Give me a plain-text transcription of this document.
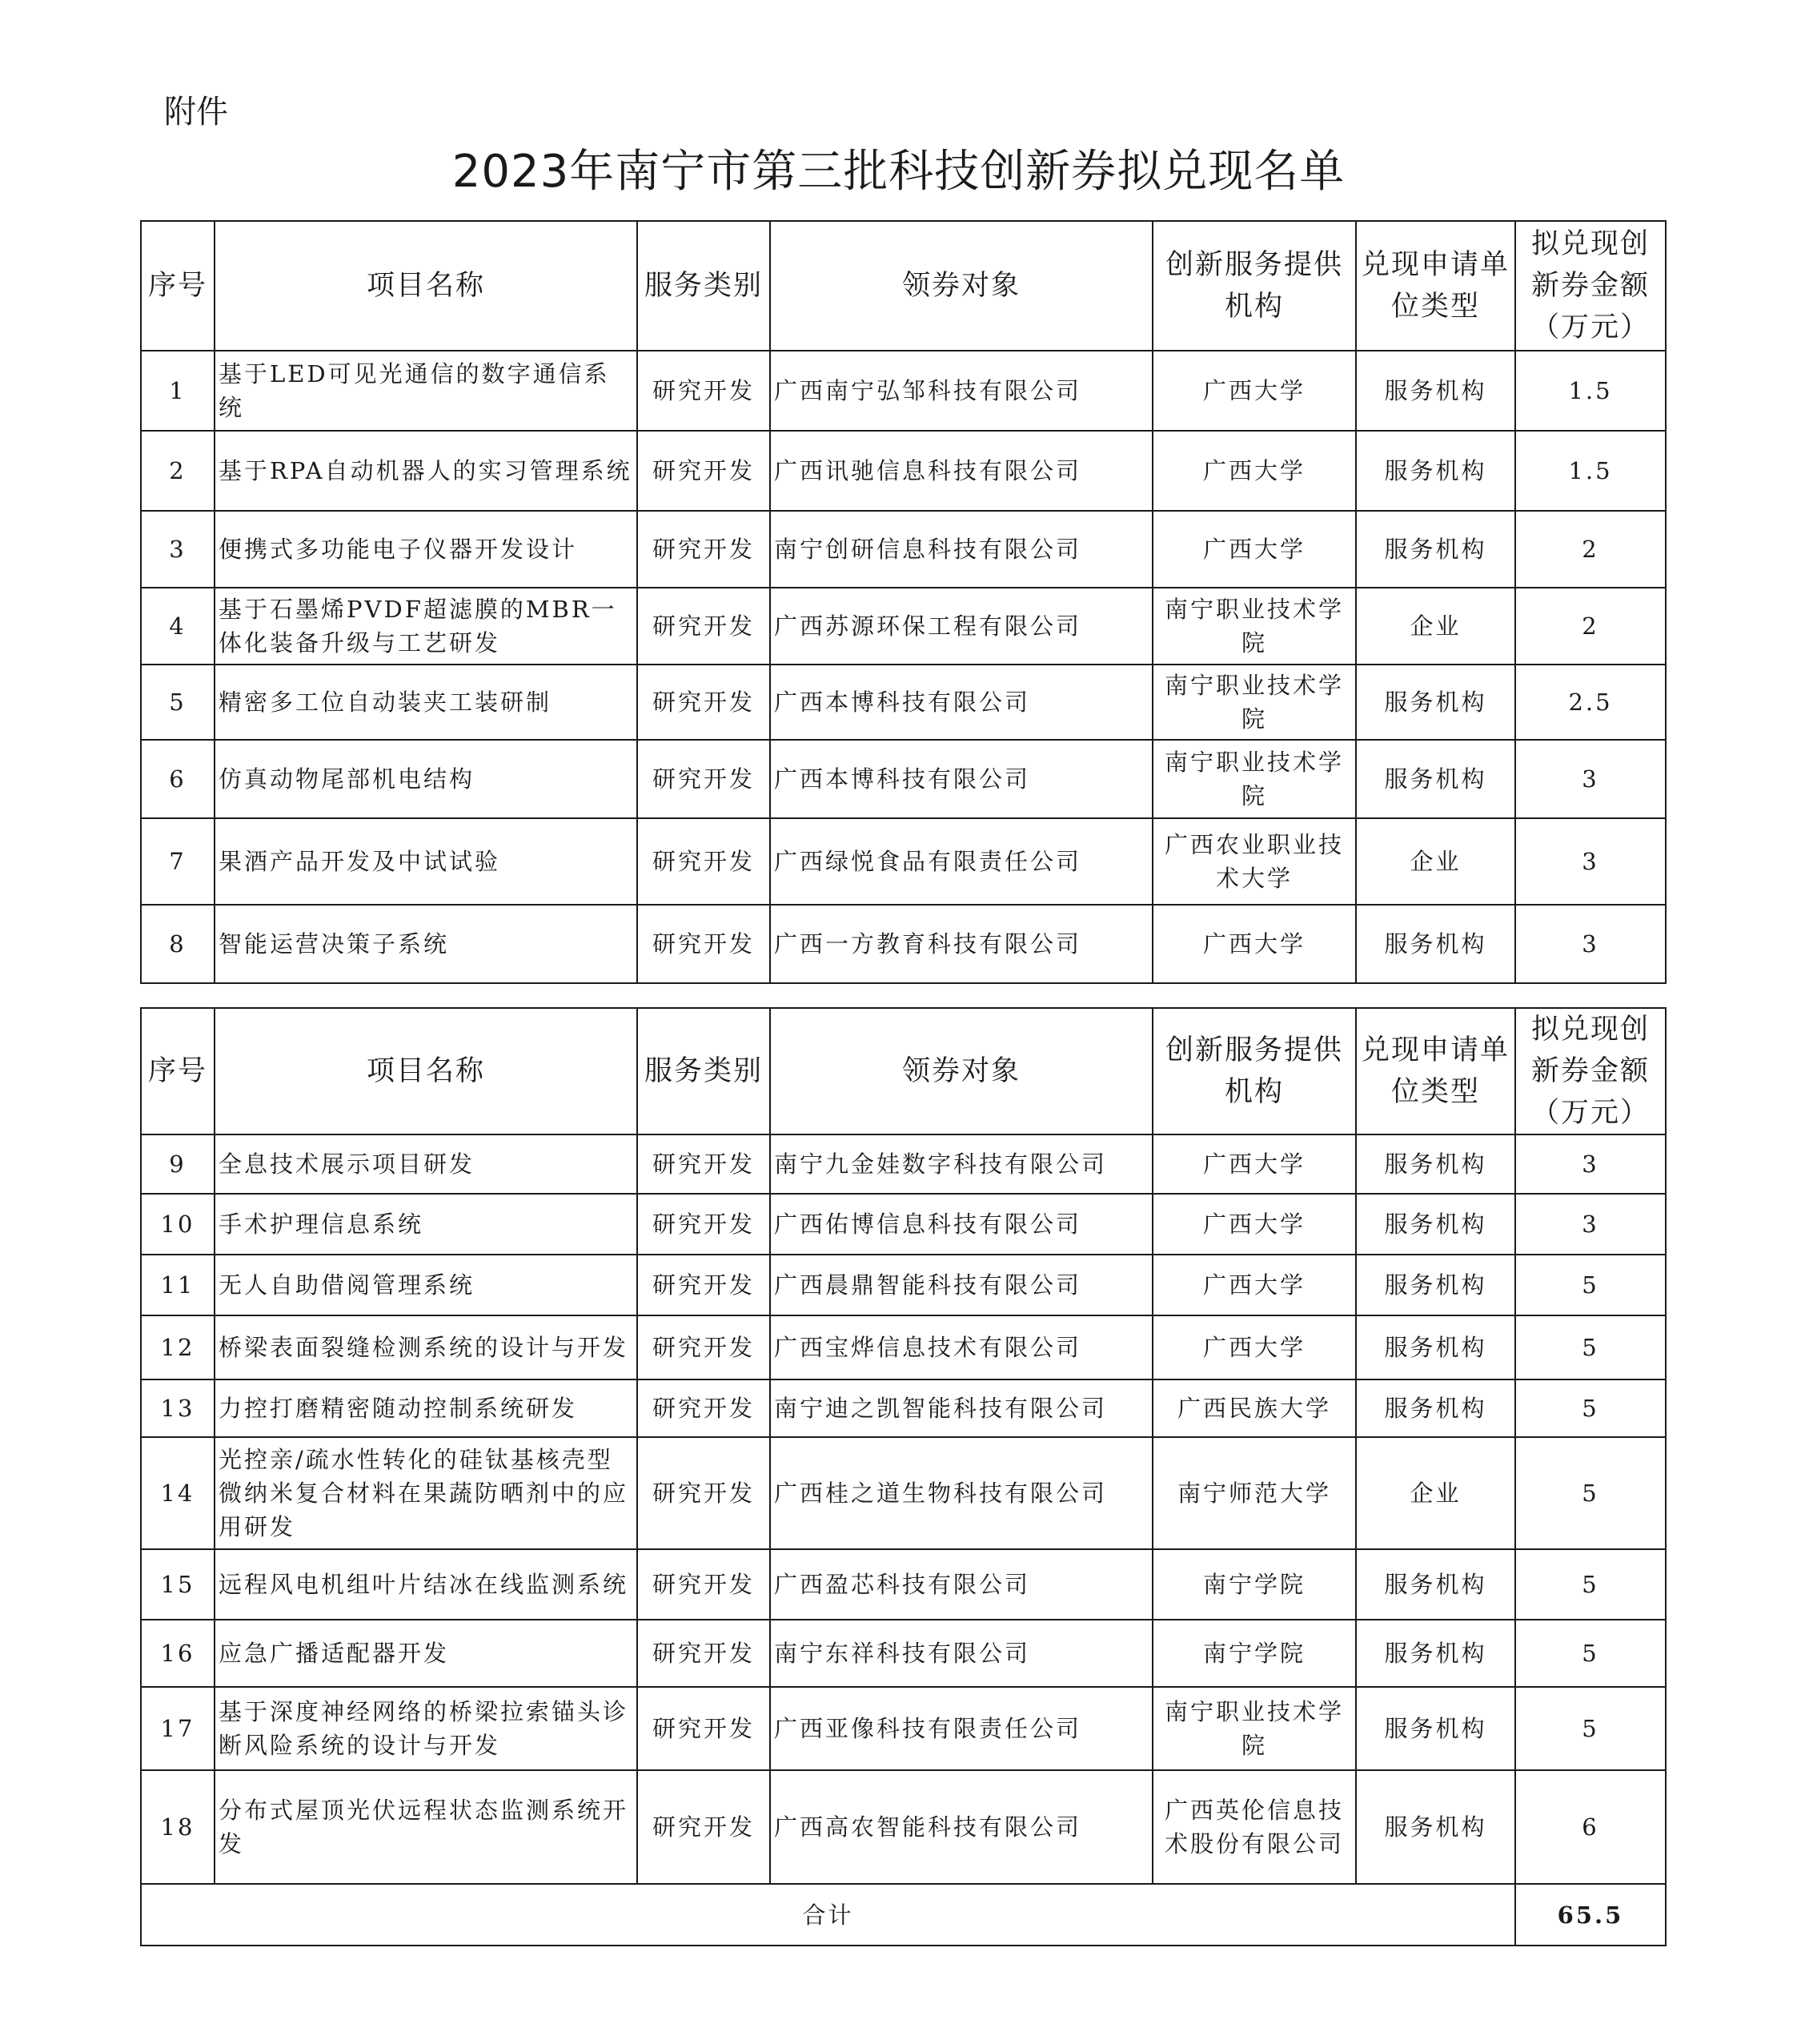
附件
2023年南宁市第三批科技创新券拟兑现名单
序号	项目名称	服务类别	领券对象	创新服务提供机构	兑现申请单位类型	拟兑现创新券金额（万元）
1	基于LED可见光通信的数字通信系统	研究开发	广西南宁弘邹科技有限公司	广西大学	服务机构	1.5
2	基于RPA自动机器人的实习管理系统	研究开发	广西讯驰信息科技有限公司	广西大学	服务机构	1.5
3	便携式多功能电子仪器开发设计	研究开发	南宁创研信息科技有限公司	广西大学	服务机构	2
4	基于石墨烯PVDF超滤膜的MBR一体化装备升级与工艺研发	研究开发	广西苏源环保工程有限公司	南宁职业技术学院	企业	2
5	精密多工位自动装夹工装研制	研究开发	广西本博科技有限公司	南宁职业技术学院	服务机构	2.5
6	仿真动物尾部机电结构	研究开发	广西本博科技有限公司	南宁职业技术学院	服务机构	3
7	果酒产品开发及中试试验	研究开发	广西绿悦食品有限责任公司	广西农业职业技术大学	企业	3
8	智能运营决策子系统	研究开发	广西一方教育科技有限公司	广西大学	服务机构	3
序号	项目名称	服务类别	领券对象	创新服务提供机构	兑现申请单位类型	拟兑现创新券金额（万元）
9	全息技术展示项目研发	研究开发	南宁九金娃数字科技有限公司	广西大学	服务机构	3
10	手术护理信息系统	研究开发	广西佑博信息科技有限公司	广西大学	服务机构	3
11	无人自助借阅管理系统	研究开发	广西晨鼎智能科技有限公司	广西大学	服务机构	5
12	桥梁表面裂缝检测系统的设计与开发	研究开发	广西宝烨信息技术有限公司	广西大学	服务机构	5
13	力控打磨精密随动控制系统研发	研究开发	南宁迪之凯智能科技有限公司	广西民族大学	服务机构	5
14	光控亲/疏水性转化的硅钛基核壳型微纳米复合材料在果蔬防晒剂中的应用研发	研究开发	广西桂之道生物科技有限公司	南宁师范大学	企业	5
15	远程风电机组叶片结冰在线监测系统	研究开发	广西盈芯科技有限公司	南宁学院	服务机构	5
16	应急广播适配器开发	研究开发	南宁东祥科技有限公司	南宁学院	服务机构	5
17	基于深度神经网络的桥梁拉索锚头诊断风险系统的设计与开发	研究开发	广西亚像科技有限责任公司	南宁职业技术学院	服务机构	5
18	分布式屋顶光伏远程状态监测系统开发	研究开发	广西高农智能科技有限公司	广西英伦信息技术股份有限公司	服务机构	6
合计						65.5
